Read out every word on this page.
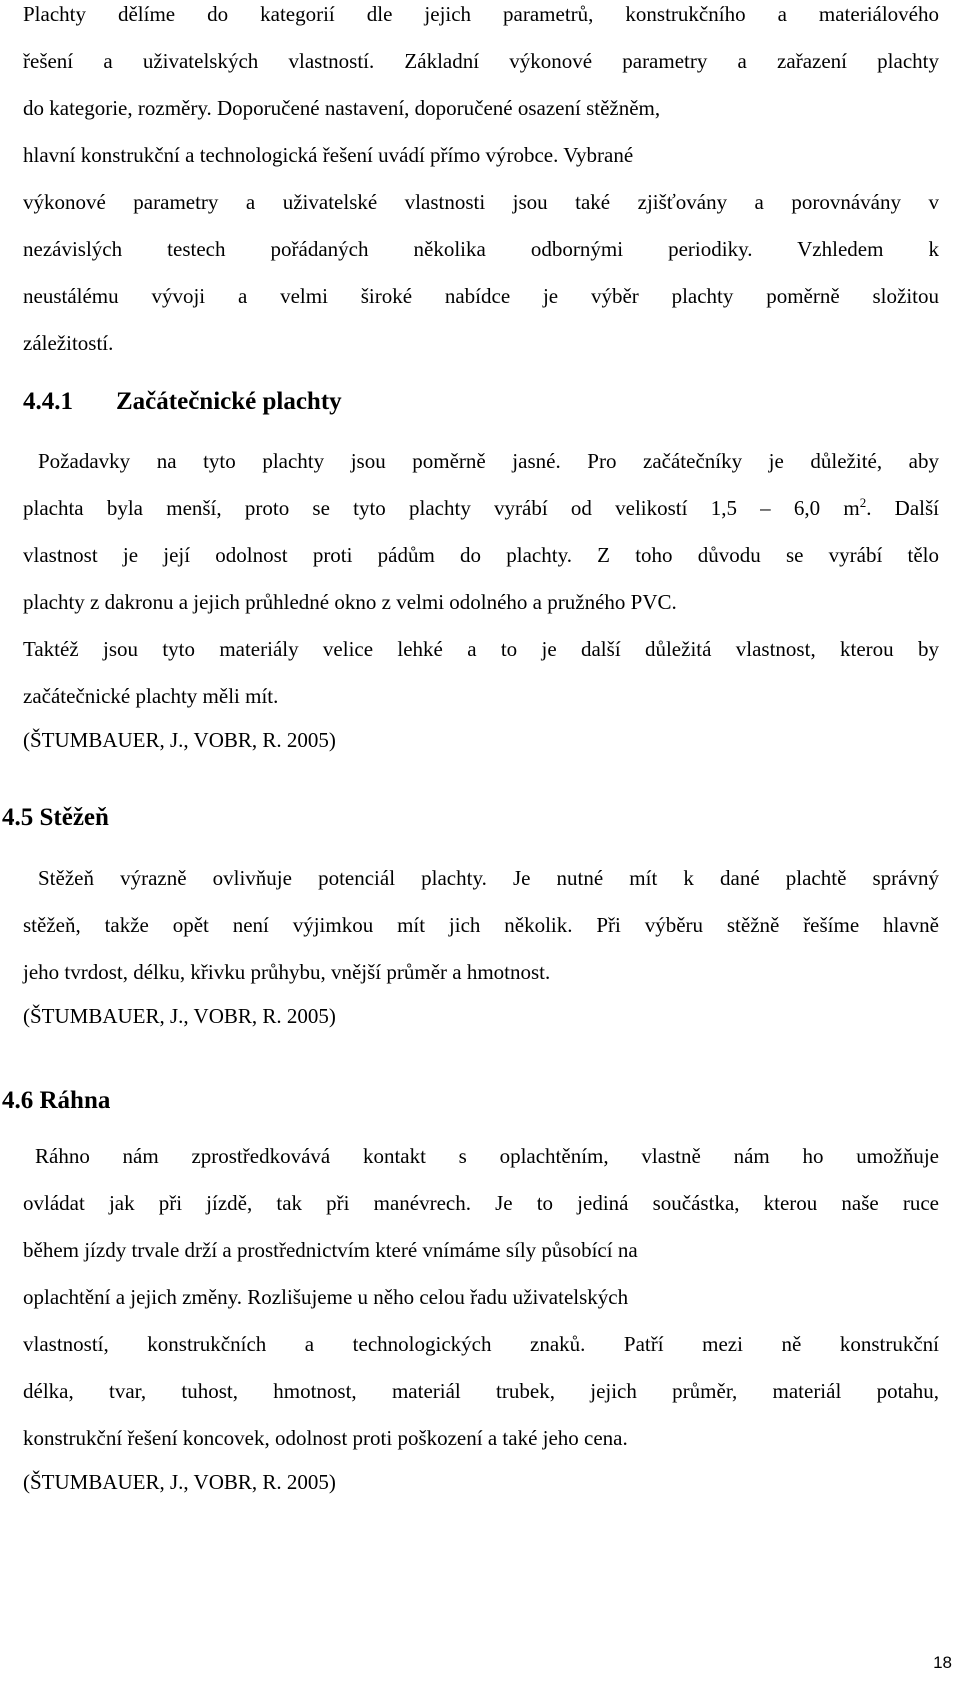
Plachty dělíme do kategorií dle jejich parametrů, konstrukčního a materiálového
řešení a uživatelských vlastností. Základní výkonové parametry a zařazení plachty
do kategorie, rozměry. Doporučené nastavení, doporučené osazení stěžněm,
hlavní konstrukční a technologická řešení uvádí přímo výrobce. Vybrané
výkonové parametry a uživatelské vlastnosti jsou také zjišťovány a porovnávány v
nezávislých testech pořádaných několika odbornými periodiky. Vzhledem k
neustálému vývoji a velmi široké nabídce je výběr plachty poměrně složitou
záležitostí.
4.4.1 Začátečnické plachty
Požadavky na tyto plachty jsou poměrně jasné. Pro začátečníky je důležité, aby
plachta byla menší, proto se tyto plachty vyrábí od velikostí 1,5 – 6,0 $m^2$. Další
vlastnost je její odolnost proti pádům do plachty. Z toho důvodu se vyrábí tělo
plachty z dakronu a jejich průhledné okno z velmi odolného a pružného PVC.
Taktéž jsou tyto materiály velice lehké a to je další důležitá vlastnost, kterou by
začátečnické plachty měli mít.
(ŠTUMBAUER, J., VOBR, R. 2005)
4.5 Stěžeň
Stěžeň výrazně ovlivňuje potenciál plachty. Je nutné mít k dané plachtě správný
stěžeň, takže opět není výjimkou mít jich několik. Při výběru stěžně řešíme hlavně
jeho tvrdost, délku, křivku průhybu, vnější průměr a hmotnost.
(ŠTUMBAUER, J., VOBR, R. 2005)
4.6 Ráhna
Ráhno nám zprostředkovává kontakt s oplachtěním, vlastně nám ho umožňuje
ovládat jak při jízdě, tak při manévrech. Je to jediná součástka, kterou naše ruce
během jízdy trvale drží a prostřednictvím které vnímáme síly působící na
oplachtění a jejich změny. Rozlišujeme u něho celou řadu uživatelských
vlastností, konstrukčních a technologických znaků. Patří mezi ně konstrukční
délka, tvar, tuhost, hmotnost, materiál trubek, jejich průměr, materiál potahu,
konstrukční řešení koncovek, odolnost proti poškození a také jeho cena.
(ŠTUMBAUER, J., VOBR, R. 2005)
18
